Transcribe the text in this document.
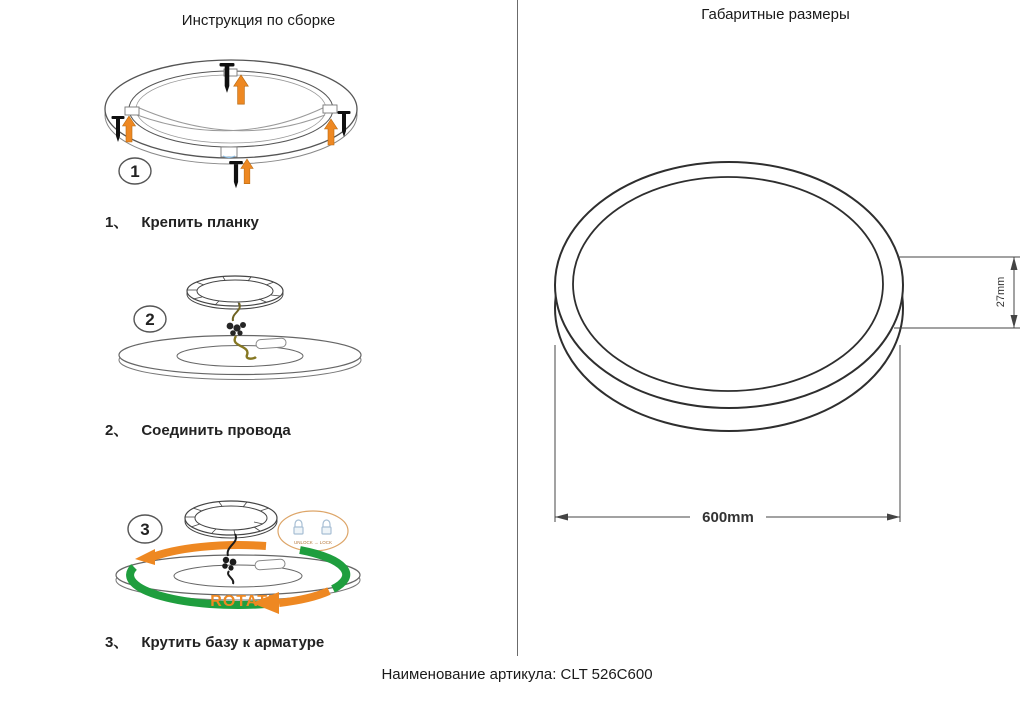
Инструкция по сборке	Габаритные размеры
1
1、 Крепить планку
2
2、 Соединить провода
UNLOCK → LOCK
ROTATE
3
3、 Крутить базу к арматуре
600mm
27mm
Наименование артикула: CLT 526C600
